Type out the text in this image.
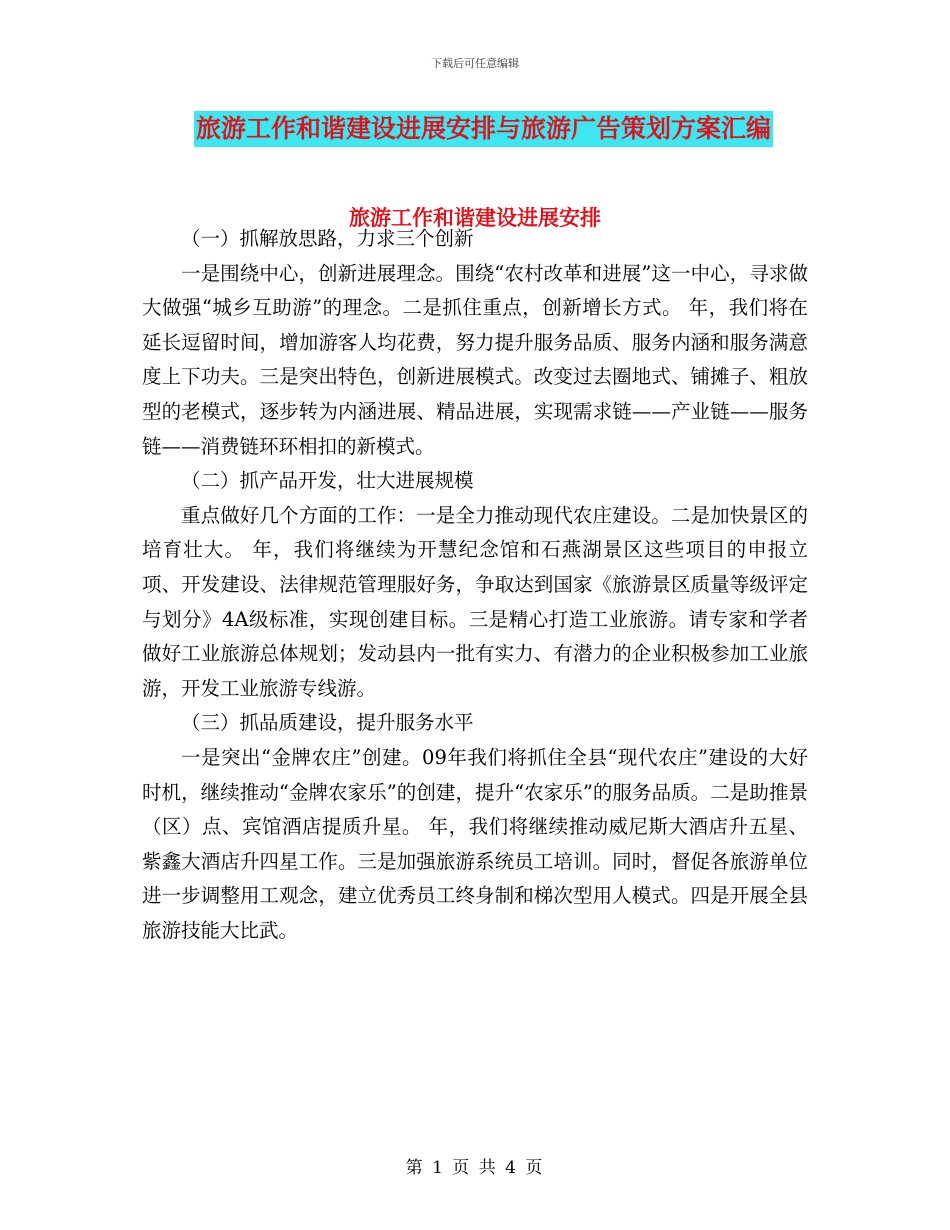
下载后可任意编辑
旅游工作和谐建设进展安排与旅游广告策划方案汇编
旅游工作和谐建设进展安排

（一）抓解放思路，力求三个创新

一是围绕中心，创新进展理念。围绕“农村改革和进展”这一中心，寻求做大做强“城乡互助游”的理念。二是抓住重点，创新增长方式。 年，我们将在延长逗留时间，增加游客人均花费，努力提升服务品质、服务内涵和服务满意度上下功夫。三是突出特色，创新进展模式。改变过去圈地式、铺摊子、粗放型的老模式，逐步转为内涵进展、精品进展，实现需求链——产业链——服务链——消费链环环相扣的新模式。

（二）抓产品开发，壮大进展规模

重点做好几个方面的工作：一是全力推动现代农庄建设。二是加快景区的培育壮大。 年，我们将继续为开慧纪念馆和石燕湖景区这些项目的申报立项、开发建设、法律规范管理服好务，争取达到国家《旅游景区质量等级评定与划分》4A级标准，实现创建目标。三是精心打造工业旅游。请专家和学者做好工业旅游总体规划；发动县内一批有实力、有潜力的企业积极参加工业旅游，开发工业旅游专线游。

（三）抓品质建设，提升服务水平

一是突出“金牌农庄”创建。09年我们将抓住全县“现代农庄”建设的大好时机，继续推动“金牌农家乐”的创建，提升“农家乐”的服务品质。二是助推景（区）点、宾馆酒店提质升星。 年，我们将继续推动威尼斯大酒店升五星、紫鑫大酒店升四星工作。三是加强旅游系统员工培训。同时，督促各旅游单位进一步调整用工观念，建立优秀员工终身制和梯次型用人模式。四是开展全县旅游技能大比武。

第 1 页 共 4 页
